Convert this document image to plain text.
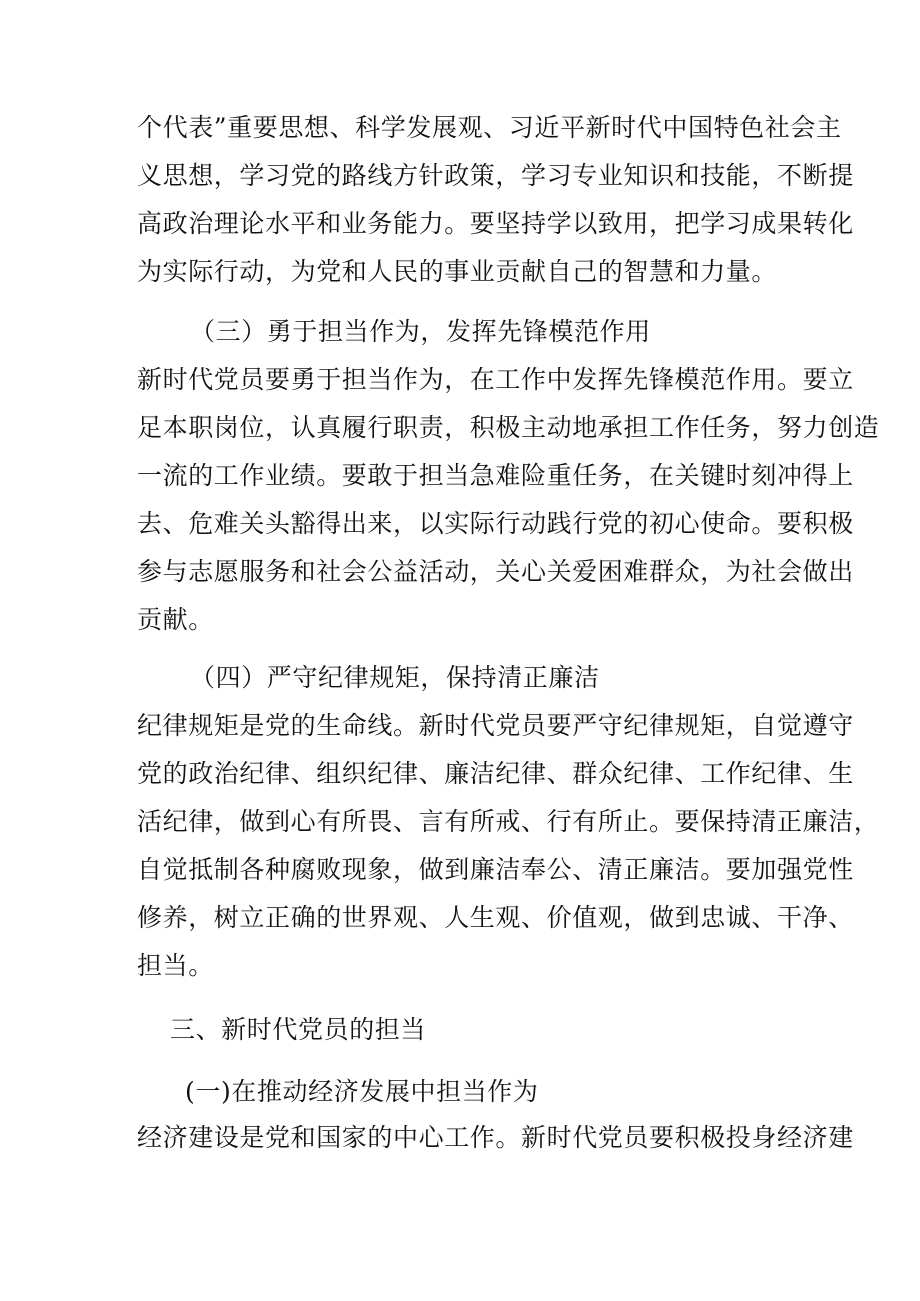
个代表”重要思想、科学发展观、习近平新时代中国特色社会主
义思想，学习党的路线方针政策，学习专业知识和技能，不断提
高政治理论水平和业务能力。要坚持学以致用，把学习成果转化
为实际行动，为党和人民的事业贡献自己的智慧和力量。
（三）勇于担当作为，发挥先锋模范作用
新时代党员要勇于担当作为，在工作中发挥先锋模范作用。要立
足本职岗位，认真履行职责，积极主动地承担工作任务，努力创造
一流的工作业绩。要敢于担当急难险重任务，在关键时刻冲得上
去、危难关头豁得出来，以实际行动践行党的初心使命。要积极
参与志愿服务和社会公益活动，关心关爱困难群众，为社会做出
贡献。
（四）严守纪律规矩，保持清正廉洁
纪律规矩是党的生命线。新时代党员要严守纪律规矩，自觉遵守
党的政治纪律、组织纪律、廉洁纪律、群众纪律、工作纪律、生
活纪律，做到心有所畏、言有所戒、行有所止。要保持清正廉洁，
自觉抵制各种腐败现象，做到廉洁奉公、清正廉洁。要加强党性
修养，树立正确的世界观、人生观、价值观，做到忠诚、干净、
担当。
三、新时代党员的担当
(一)在推动经济发展中担当作为
经济建设是党和国家的中心工作。新时代党员要积极投身经济建
